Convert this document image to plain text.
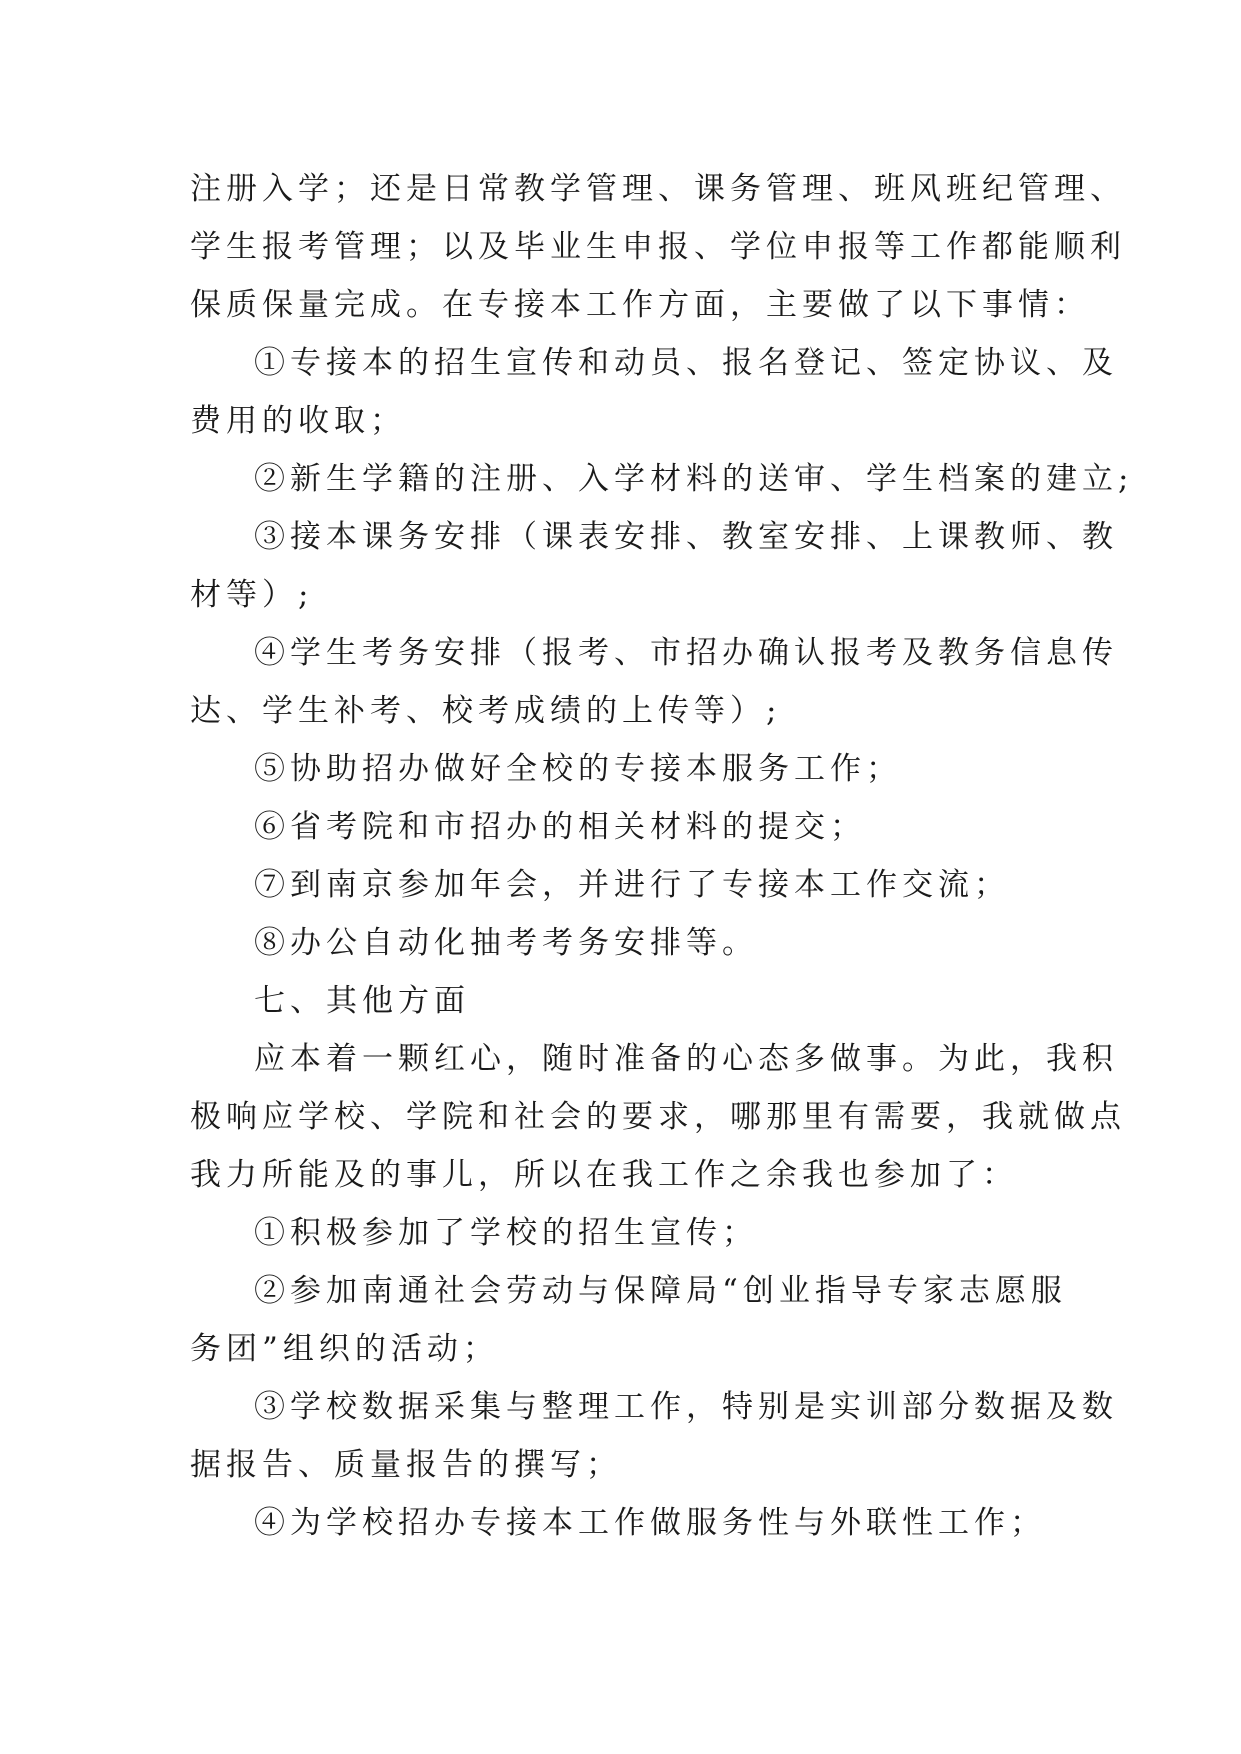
注册入学；还是日常教学管理、课务管理、班风班纪管理、
学生报考管理；以及毕业生申报、学位申报等工作都能顺利
保质保量完成。在专接本工作方面，主要做了以下事情：
①专接本的招生宣传和动员、报名登记、签定协议、及
费用的收取；
②新生学籍的注册、入学材料的送审、学生档案的建立;
③接本课务安排（课表安排、教室安排、上课教师、教
材等）;
④学生考务安排（报考、市招办确认报考及教务信息传
达、学生补考、校考成绩的上传等）;
⑤协助招办做好全校的专接本服务工作；
⑥省考院和市招办的相关材料的提交；
⑦到南京参加年会，并进行了专接本工作交流；
⑧办公自动化抽考考务安排等。
七、其他方面
应本着一颗红心，随时准备的心态多做事。为此，我积
极响应学校、学院和社会的要求，哪那里有需要，我就做点
我力所能及的事儿，所以在我工作之余我也参加了：
①积极参加了学校的招生宣传；
②参加南通社会劳动与保障局“创业指导专家志愿服
务团”组织的活动；
③学校数据采集与整理工作，特别是实训部分数据及数
据报告、质量报告的撰写；
④为学校招办专接本工作做服务性与外联性工作；
